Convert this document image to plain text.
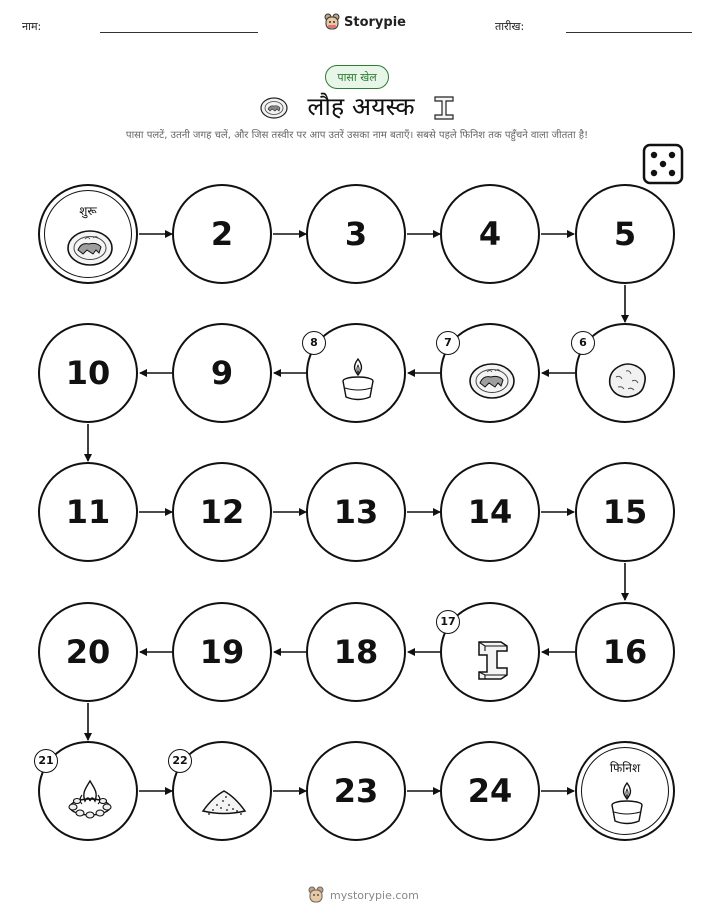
नाम:	Storypie	तारीख:
पासा खेल
लौह अयस्क
पासा पलटें, उतनी जगह चलें, और जिस तस्वीर पर आप उतरें उसका नाम बताएँ। सबसे पहले फिनिश तक पहुँचने वाला जीतता है!
शुरू
2	3	4	5
6
7
8
9
10
11	12	13	14	15
16
17
18
19
20
21	22
23	24
फिनिश
mystorypie.com
